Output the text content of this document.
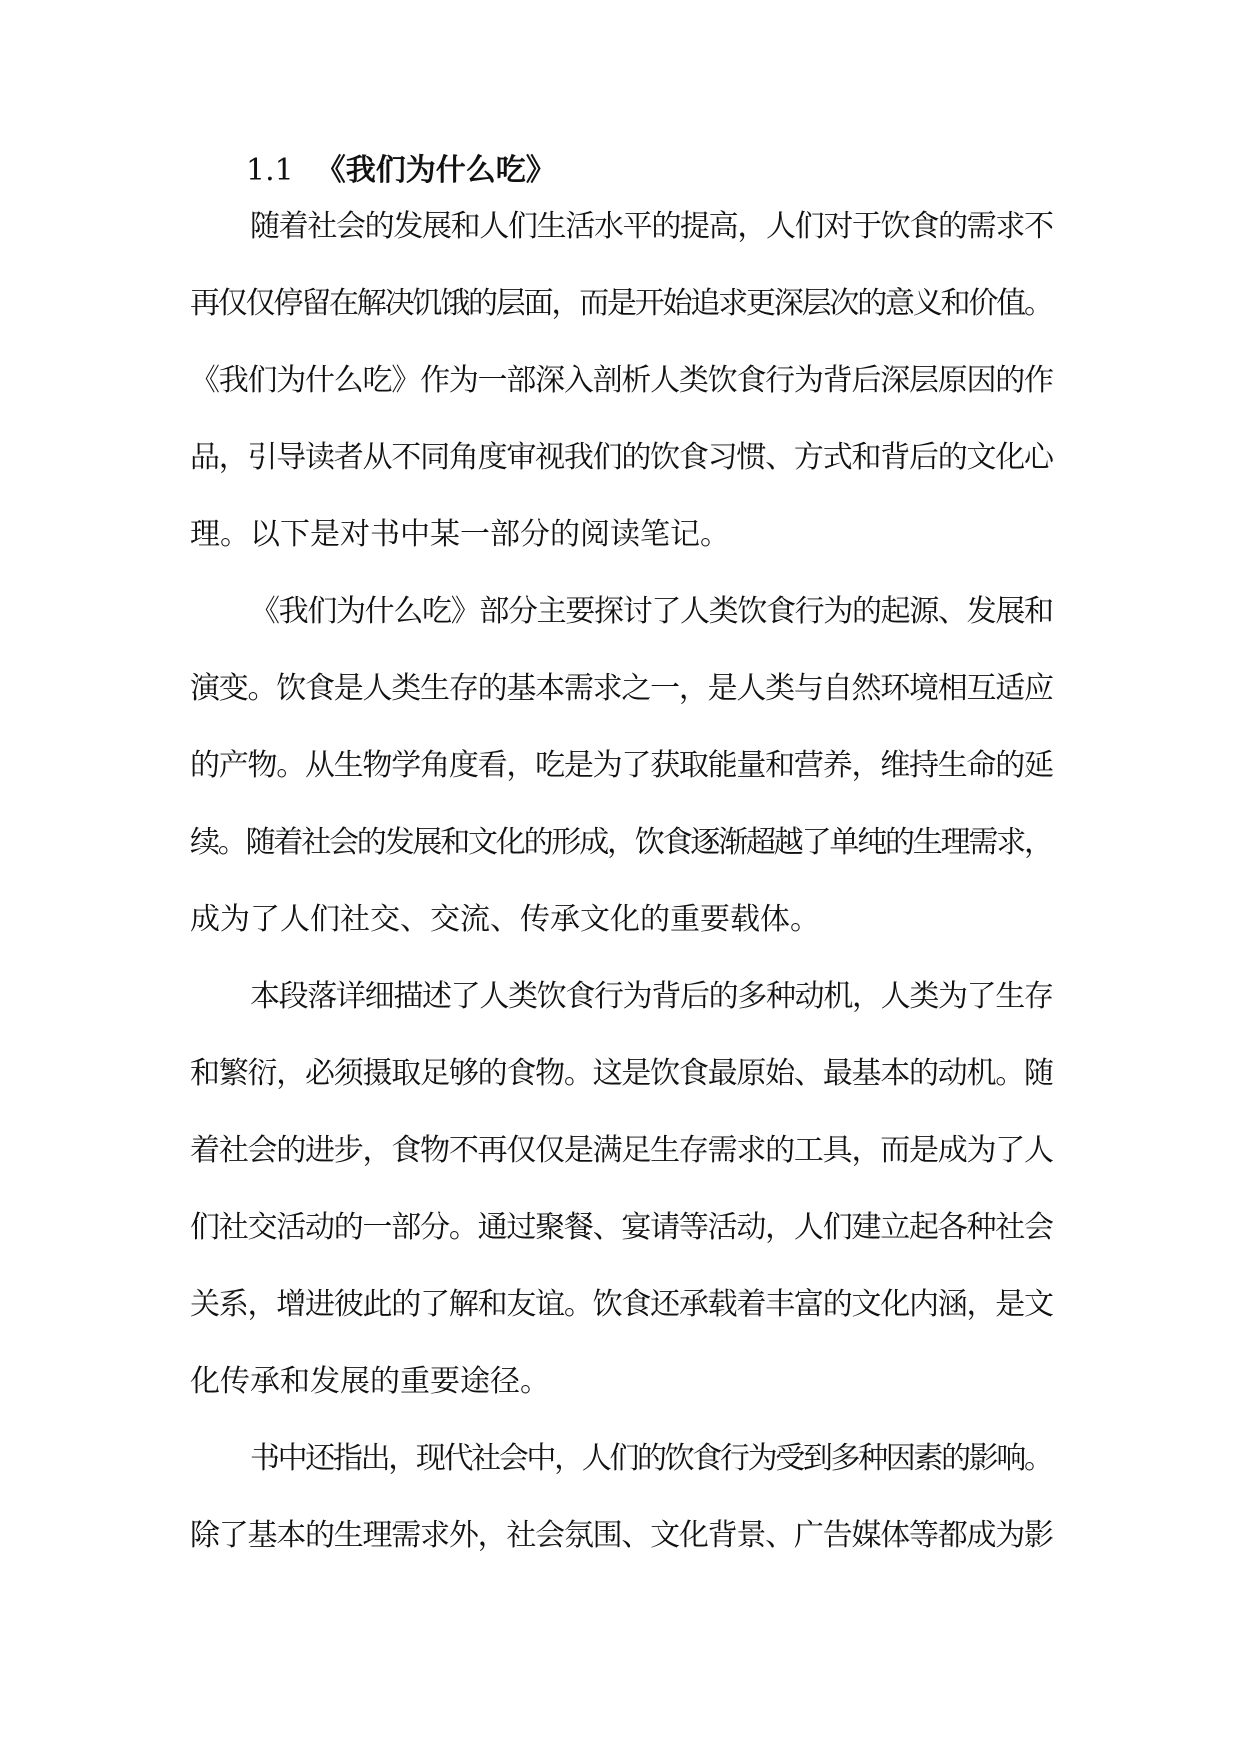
1.1 《我们为什么吃》
随着社会的发展和人们生活水平的提高，人们对于饮食的需求不
再仅仅停留在解决饥饿的层面，而是开始追求更深层次的意义和价值。
《我们为什么吃》作为一部深入剖析人类饮食行为背后深层原因的作
品，引导读者从不同角度审视我们的饮食习惯、方式和背后的文化心
理。以下是对书中某一部分的阅读笔记。
《我们为什么吃》部分主要探讨了人类饮食行为的起源、发展和
演变。饮食是人类生存的基本需求之一，是人类与自然环境相互适应
的产物。从生物学角度看，吃是为了获取能量和营养，维持生命的延
续。随着社会的发展和文化的形成，饮食逐渐超越了单纯的生理需求，
成为了人们社交、交流、传承文化的重要载体。
本段落详细描述了人类饮食行为背后的多种动机，人类为了生存
和繁衍，必须摄取足够的食物。这是饮食最原始、最基本的动机。随
着社会的进步，食物不再仅仅是满足生存需求的工具，而是成为了人
们社交活动的一部分。通过聚餐、宴请等活动，人们建立起各种社会
关系，增进彼此的了解和友谊。饮食还承载着丰富的文化内涵，是文
化传承和发展的重要途径。
书中还指出，现代社会中，人们的饮食行为受到多种因素的影响。
除了基本的生理需求外，社会氛围、文化背景、广告媒体等都成为影
